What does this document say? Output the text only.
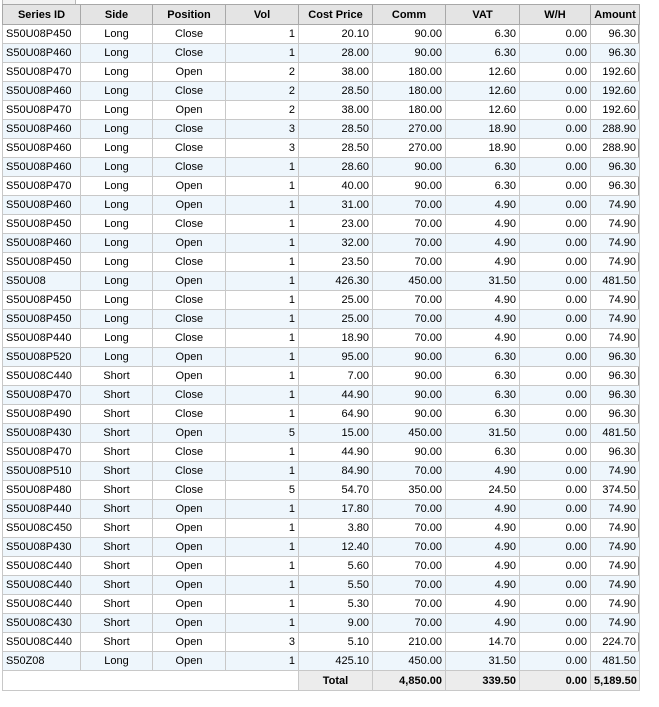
Series ID	Side	Position	Vol	Cost Price	Comm	VAT	W/H	Amount
S50U08P450	Long	Close	1	20.10	90.00	6.30	0.00	96.30
S50U08P460	Long	Close	1	28.00	90.00	6.30	0.00	96.30
S50U08P470	Long	Open	2	38.00	180.00	12.60	0.00	192.60
S50U08P460	Long	Close	2	28.50	180.00	12.60	0.00	192.60
S50U08P470	Long	Open	2	38.00	180.00	12.60	0.00	192.60
S50U08P460	Long	Close	3	28.50	270.00	18.90	0.00	288.90
S50U08P460	Long	Close	3	28.50	270.00	18.90	0.00	288.90
S50U08P460	Long	Close	1	28.60	90.00	6.30	0.00	96.30
S50U08P470	Long	Open	1	40.00	90.00	6.30	0.00	96.30
S50U08P460	Long	Open	1	31.00	70.00	4.90	0.00	74.90
S50U08P450	Long	Close	1	23.00	70.00	4.90	0.00	74.90
S50U08P460	Long	Open	1	32.00	70.00	4.90	0.00	74.90
S50U08P450	Long	Close	1	23.50	70.00	4.90	0.00	74.90
S50U08	Long	Open	1	426.30	450.00	31.50	0.00	481.50
S50U08P450	Long	Close	1	25.00	70.00	4.90	0.00	74.90
S50U08P450	Long	Close	1	25.00	70.00	4.90	0.00	74.90
S50U08P440	Long	Close	1	18.90	70.00	4.90	0.00	74.90
S50U08P520	Long	Open	1	95.00	90.00	6.30	0.00	96.30
S50U08C440	Short	Open	1	7.00	90.00	6.30	0.00	96.30
S50U08P470	Short	Close	1	44.90	90.00	6.30	0.00	96.30
S50U08P490	Short	Close	1	64.90	90.00	6.30	0.00	96.30
S50U08P430	Short	Open	5	15.00	450.00	31.50	0.00	481.50
S50U08P470	Short	Close	1	44.90	90.00	6.30	0.00	96.30
S50U08P510	Short	Close	1	84.90	70.00	4.90	0.00	74.90
S50U08P480	Short	Close	5	54.70	350.00	24.50	0.00	374.50
S50U08P440	Short	Open	1	17.80	70.00	4.90	0.00	74.90
S50U08C450	Short	Open	1	3.80	70.00	4.90	0.00	74.90
S50U08P430	Short	Open	1	12.40	70.00	4.90	0.00	74.90
S50U08C440	Short	Open	1	5.60	70.00	4.90	0.00	74.90
S50U08C440	Short	Open	1	5.50	70.00	4.90	0.00	74.90
S50U08C440	Short	Open	1	5.30	70.00	4.90	0.00	74.90
S50U08C430	Short	Open	1	9.00	70.00	4.90	0.00	74.90
S50U08C440	Short	Open	3	5.10	210.00	14.70	0.00	224.70
S50Z08	Long	Open	1	425.10	450.00	31.50	0.00	481.50
				Total	4,850.00	339.50	0.00	5,189.50
